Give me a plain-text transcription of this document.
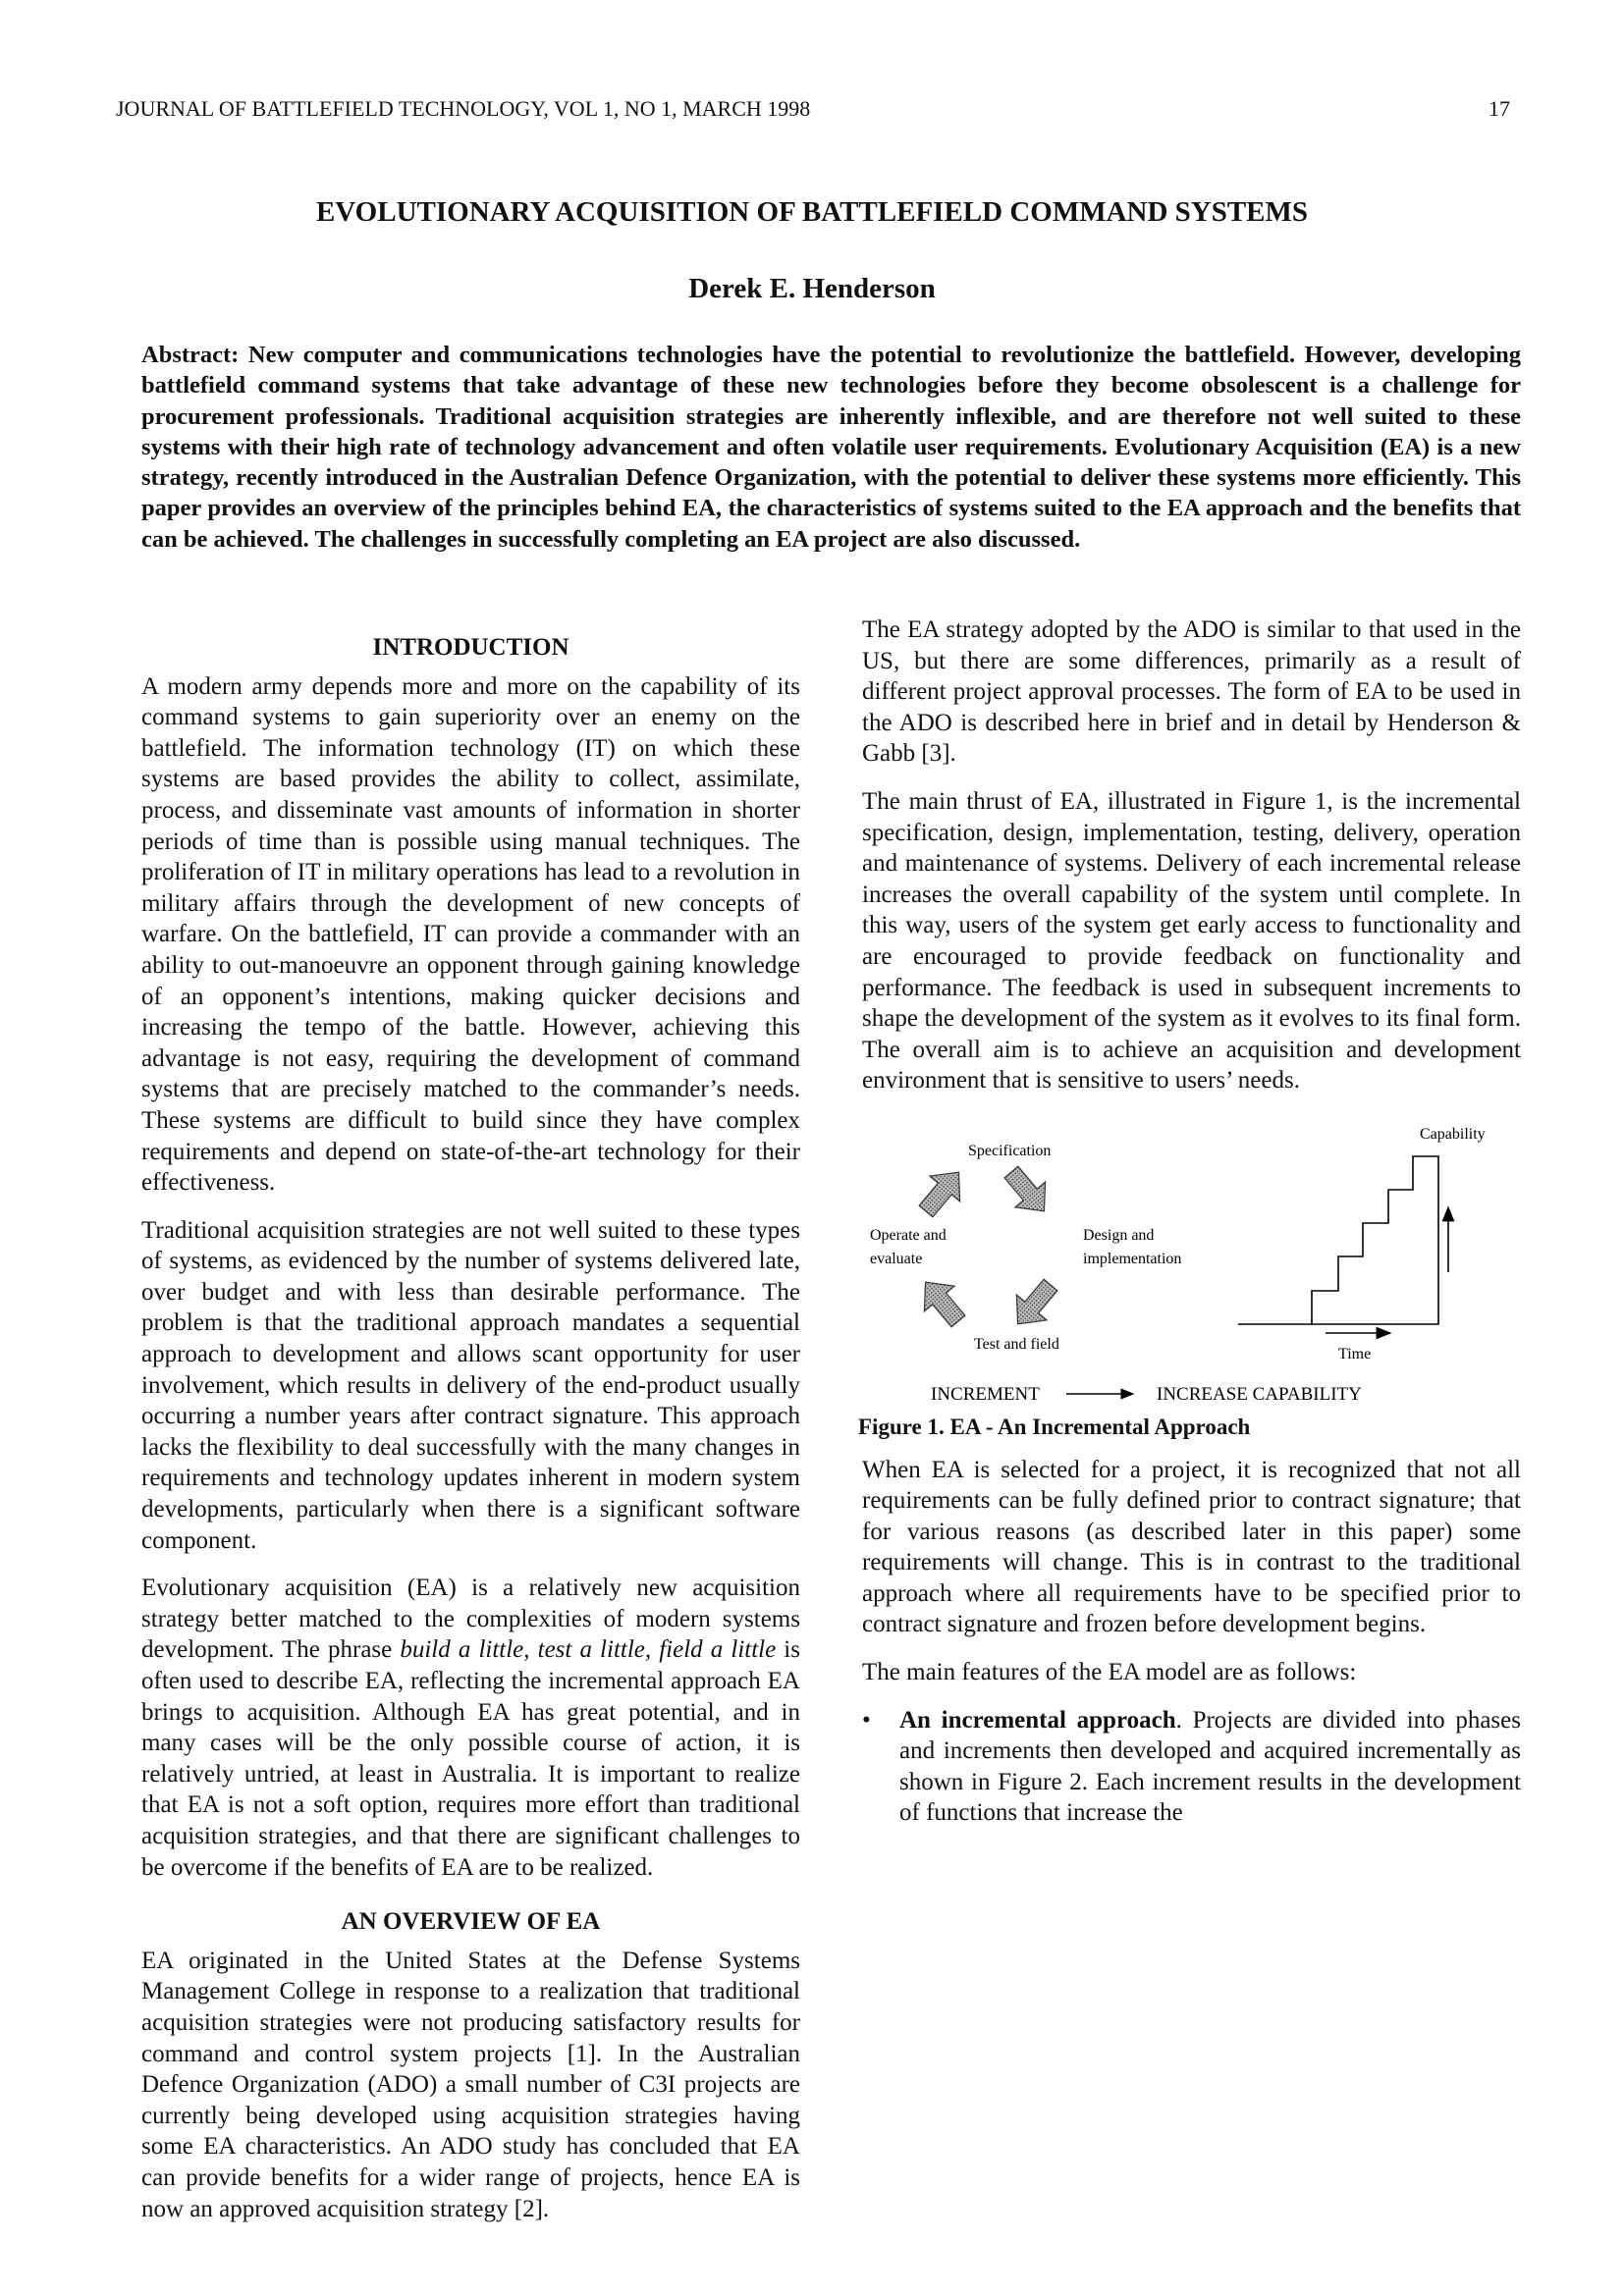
JOURNAL OF BATTLEFIELD TECHNOLOGY, VOL 1, NO 1, MARCH 1998	17
EVOLUTIONARY ACQUISITION OF BATTLEFIELD COMMAND SYSTEMS
Derek E. Henderson
Abstract: New computer and communications technologies have the potential to revolutionize the battlefield. However, developing battlefield command systems that take advantage of these new technologies before they become obsolescent is a challenge for procurement professionals. Traditional acquisition strategies are inherently inflexible, and are therefore not well suited to these systems with their high rate of technology advancement and often volatile user requirements. Evolutionary Acquisition (EA) is a new strategy, recently introduced in the Australian Defence Organization, with the potential to deliver these systems more efficiently. This paper provides an overview of the principles behind EA, the characteristics of systems suited to the EA approach and the benefits that can be achieved. The challenges in successfully completing an EA project are also discussed.
INTRODUCTION

A modern army depends more and more on the capability of its command systems to gain superiority over an enemy on the battlefield. The information technology (IT) on which these systems are based provides the ability to collect, assimilate, process, and disseminate vast amounts of information in shorter periods of time than is possible using manual techniques. The proliferation of IT in military operations has lead to a revolution in military affairs through the development of new concepts of warfare. On the battlefield, IT can provide a commander with an ability to out-manoeuvre an opponent through gaining knowledge of an opponent’s intentions, making quicker decisions and increasing the tempo of the battle. However, achieving this advantage is not easy, requiring the development of command systems that are precisely matched to the commander’s needs. These systems are difficult to build since they have complex requirements and depend on state-of-the-art technology for their effectiveness.

Traditional acquisition strategies are not well suited to these types of systems, as evidenced by the number of systems delivered late, over budget and with less than desirable performance. The problem is that the traditional approach mandates a sequential approach to development and allows scant opportunity for user involvement, which results in delivery of the end-product usually occurring a number years after contract signature. This approach lacks the flexibility to deal successfully with the many changes in requirements and technology updates inherent in modern system developments, particularly when there is a significant software component.

Evolutionary acquisition (EA) is a relatively new acquisition strategy better matched to the complexities of modern systems development. The phrase build a little, test a little, field a little is often used to describe EA, reflecting the incremental approach EA brings to acquisition. Although EA has great potential, and in many cases will be the only possible course of action, it is relatively untried, at least in Australia. It is important to realize that EA is not a soft option, requires more effort than traditional acquisition strategies, and that there are significant challenges to be overcome if the benefits of EA are to be realized.

AN OVERVIEW OF EA

EA originated in the United States at the Defense Systems Management College in response to a realization that traditional acquisition strategies were not producing satisfactory results for command and control system projects [1]. In the Australian Defence Organization (ADO) a small number of C3I projects are currently being developed using acquisition strategies having some EA characteristics. An ADO study has concluded that EA can provide benefits for a wider range of projects, hence EA is now an approved acquisition strategy [2].

The EA strategy adopted by the ADO is similar to that used in the US, but there are some differences, primarily as a result of different project approval processes. The form of EA to be used in the ADO is described here in brief and in detail by Henderson & Gabb [3].

The main thrust of EA, illustrated in Figure 1, is the incremental specification, design, implementation, testing, delivery, operation and maintenance of systems. Delivery of each incremental release increases the overall capability of the system until complete. In this way, users of the system get early access to functionality and are encouraged to provide feedback on functionality and performance. The feedback is used in subsequent increments to shape the development of the system as it evolves to its final form. The overall aim is to achieve an acquisition and development environment that is sensitive to users’ needs.

Specification
Design and
implementation
Test and field
Operate and
evaluate
Capability
Time
INCREMENT	INCREASE CAPABILITY
Figure 1. EA - An Incremental Approach

When EA is selected for a project, it is recognized that not all requirements can be fully defined prior to contract signature; that for various reasons (as described later in this paper) some requirements will change. This is in contrast to the traditional approach where all requirements have to be specified prior to contract signature and frozen before development begins.

The main features of the EA model are as follows:

• An incremental approach. Projects are divided into phases and increments then developed and acquired incrementally as shown in Figure 2. Each increment results in the development of functions that increase the
